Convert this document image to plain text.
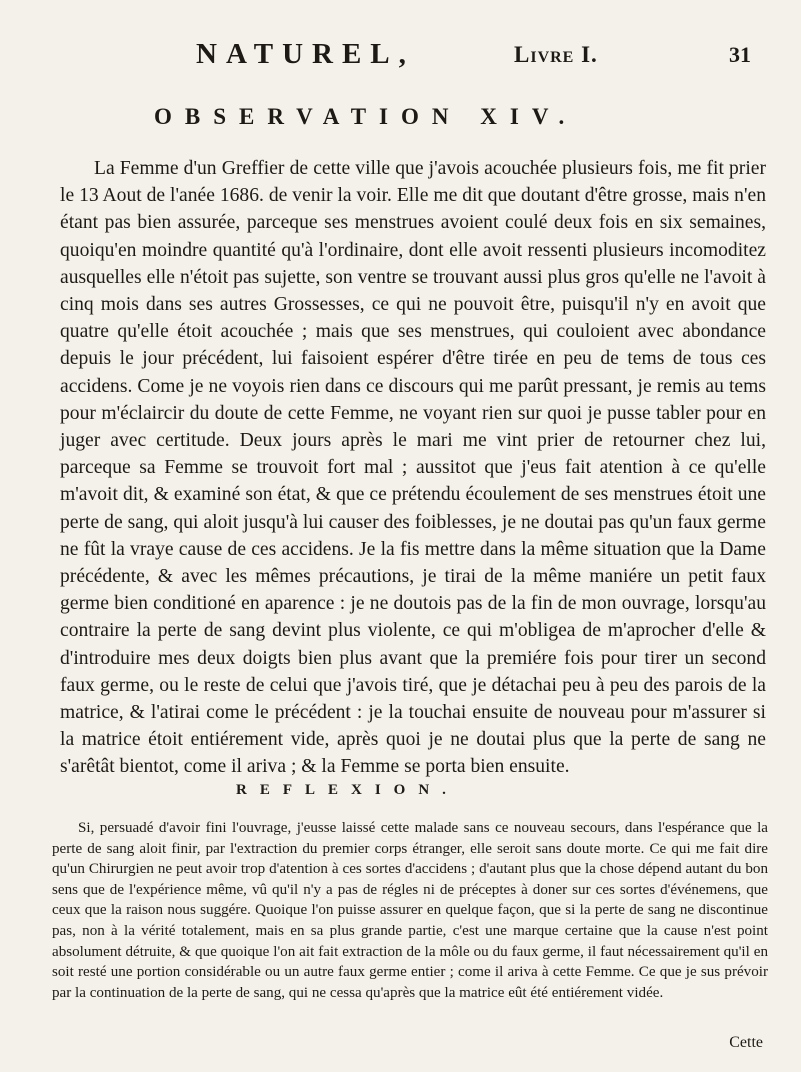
NATUREL,	Livre I.	31
OBSERVATION XIV.

La Femme d'un Greffier de cette ville que j'avois acouchée plusieurs fois, me fit prier le 13 Aout de l'anée 1686. de venir la voir. Elle me dit que doutant d'être grosse, mais n'en étant pas bien assurée, parceque ses menstrues avoient coulé deux fois en six semaines, quoiqu'en moindre quantité qu'à l'ordinaire, dont elle avoit ressenti plusieurs incomoditez ausquelles elle n'étoit pas sujette, son ventre se trouvant aussi plus gros qu'elle ne l'avoit à cinq mois dans ses autres Grossesses, ce qui ne pouvoit être, puisqu'il n'y en avoit que quatre qu'elle étoit acouchée ; mais que ses menstrues, qui couloient avec abondance depuis le jour précédent, lui faisoient espérer d'être tirée en peu de tems de tous ces accidens. Come je ne voyois rien dans ce discours qui me parût pressant, je remis au tems pour m'éclaircir du doute de cette Femme, ne voyant rien sur quoi je pusse tabler pour en juger avec certitude. Deux jours après le mari me vint prier de retourner chez lui, parceque sa Femme se trouvoit fort mal ; aussitot que j'eus fait atention à ce qu'elle m'avoit dit, & examiné son état, & que ce prétendu écoulement de ses menstrues étoit une perte de sang, qui aloit jusqu'à lui causer des foiblesses, je ne doutai pas qu'un faux germe ne fût la vraye cause de ces accidens. Je la fis mettre dans la même situation que la Dame précédente, & avec les mêmes précautions, je tirai de la même maniére un petit faux germe bien conditioné en aparence : je ne doutois pas de la fin de mon ouvrage, lorsqu'au contraire la perte de sang devint plus violente, ce qui m'obligea de m'aprocher d'elle & d'introduire mes deux doigts bien plus avant que la premiére fois pour tirer un second faux germe, ou le reste de celui que j'avois tiré, que je détachai peu à peu des parois de la matrice, & l'atirai come le précédent : je la touchai ensuite de nouveau pour m'assurer si la matrice étoit entiérement vide, après quoi je ne doutai plus que la perte de sang ne s'arêtât bientot, come il ariva ; & la Femme se porta bien ensuite.

REFLEXION.

Si, persuadé d'avoir fini l'ouvrage, j'eusse laissé cette malade sans ce nouveau secours, dans l'espérance que la perte de sang aloit finir, par l'extraction du premier corps étranger, elle seroit sans doute morte. Ce qui me fait dire qu'un Chirurgien ne peut avoir trop d'atention à ces sortes d'accidens ; d'autant plus que la chose dépend autant du bon sens que de l'expérience même, vû qu'il n'y a pas de régles ni de préceptes à doner sur ces sortes d'événemens, que ceux que la raison nous suggére. Quoique l'on puisse assurer en quelque façon, que si la perte de sang ne discontinue pas, non à la vérité totalement, mais en sa plus grande partie, c'est une marque certaine que la cause n'est point absolument détruite, & que quoique l'on ait fait extraction de la môle ou du faux germe, il faut nécessairement qu'il en soit resté une portion considérable ou un autre faux germe entier ; come il ariva à cette Femme. Ce que je sus prévoir par la continuation de la perte de sang, qui ne cessa qu'après que la matrice eût été entiérement vidée.

Cette
